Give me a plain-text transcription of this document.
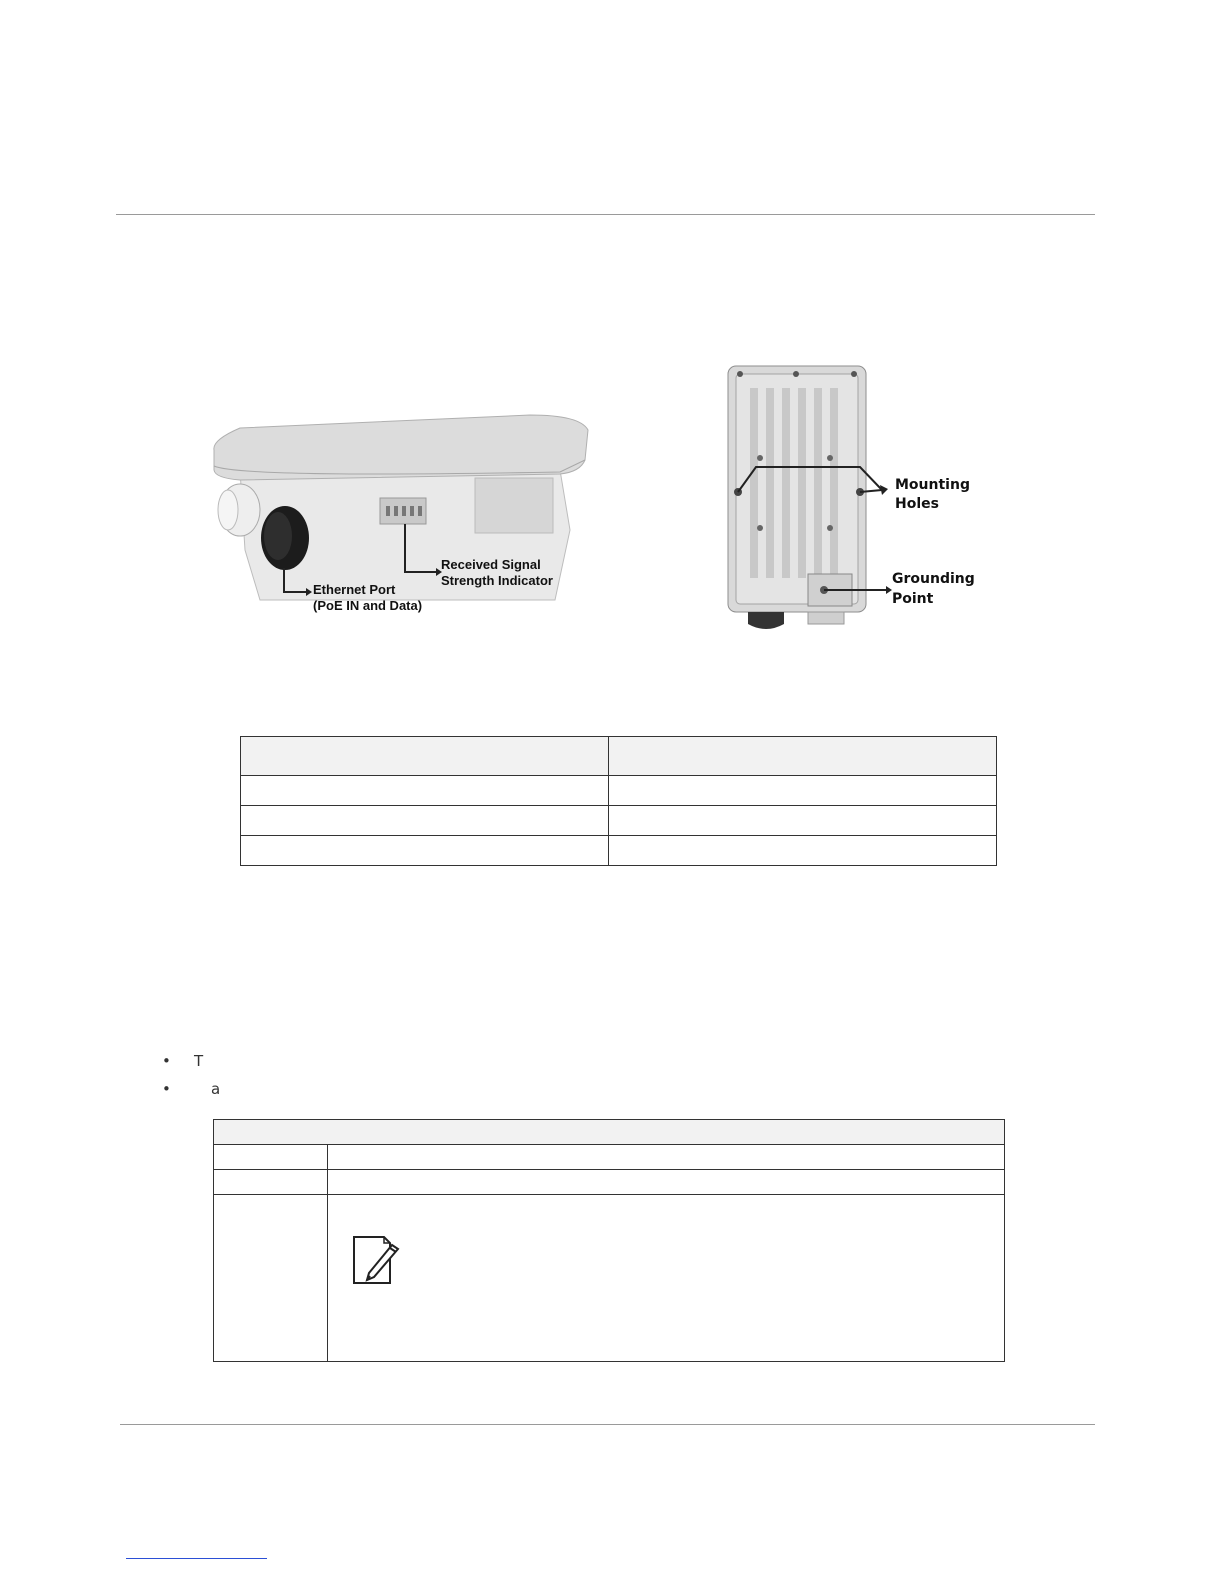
Received Signal
Strength Indicator
Ethernet Port
(PoE IN and Data)
Mounting
Holes
Grounding
Point

• T
•	a
